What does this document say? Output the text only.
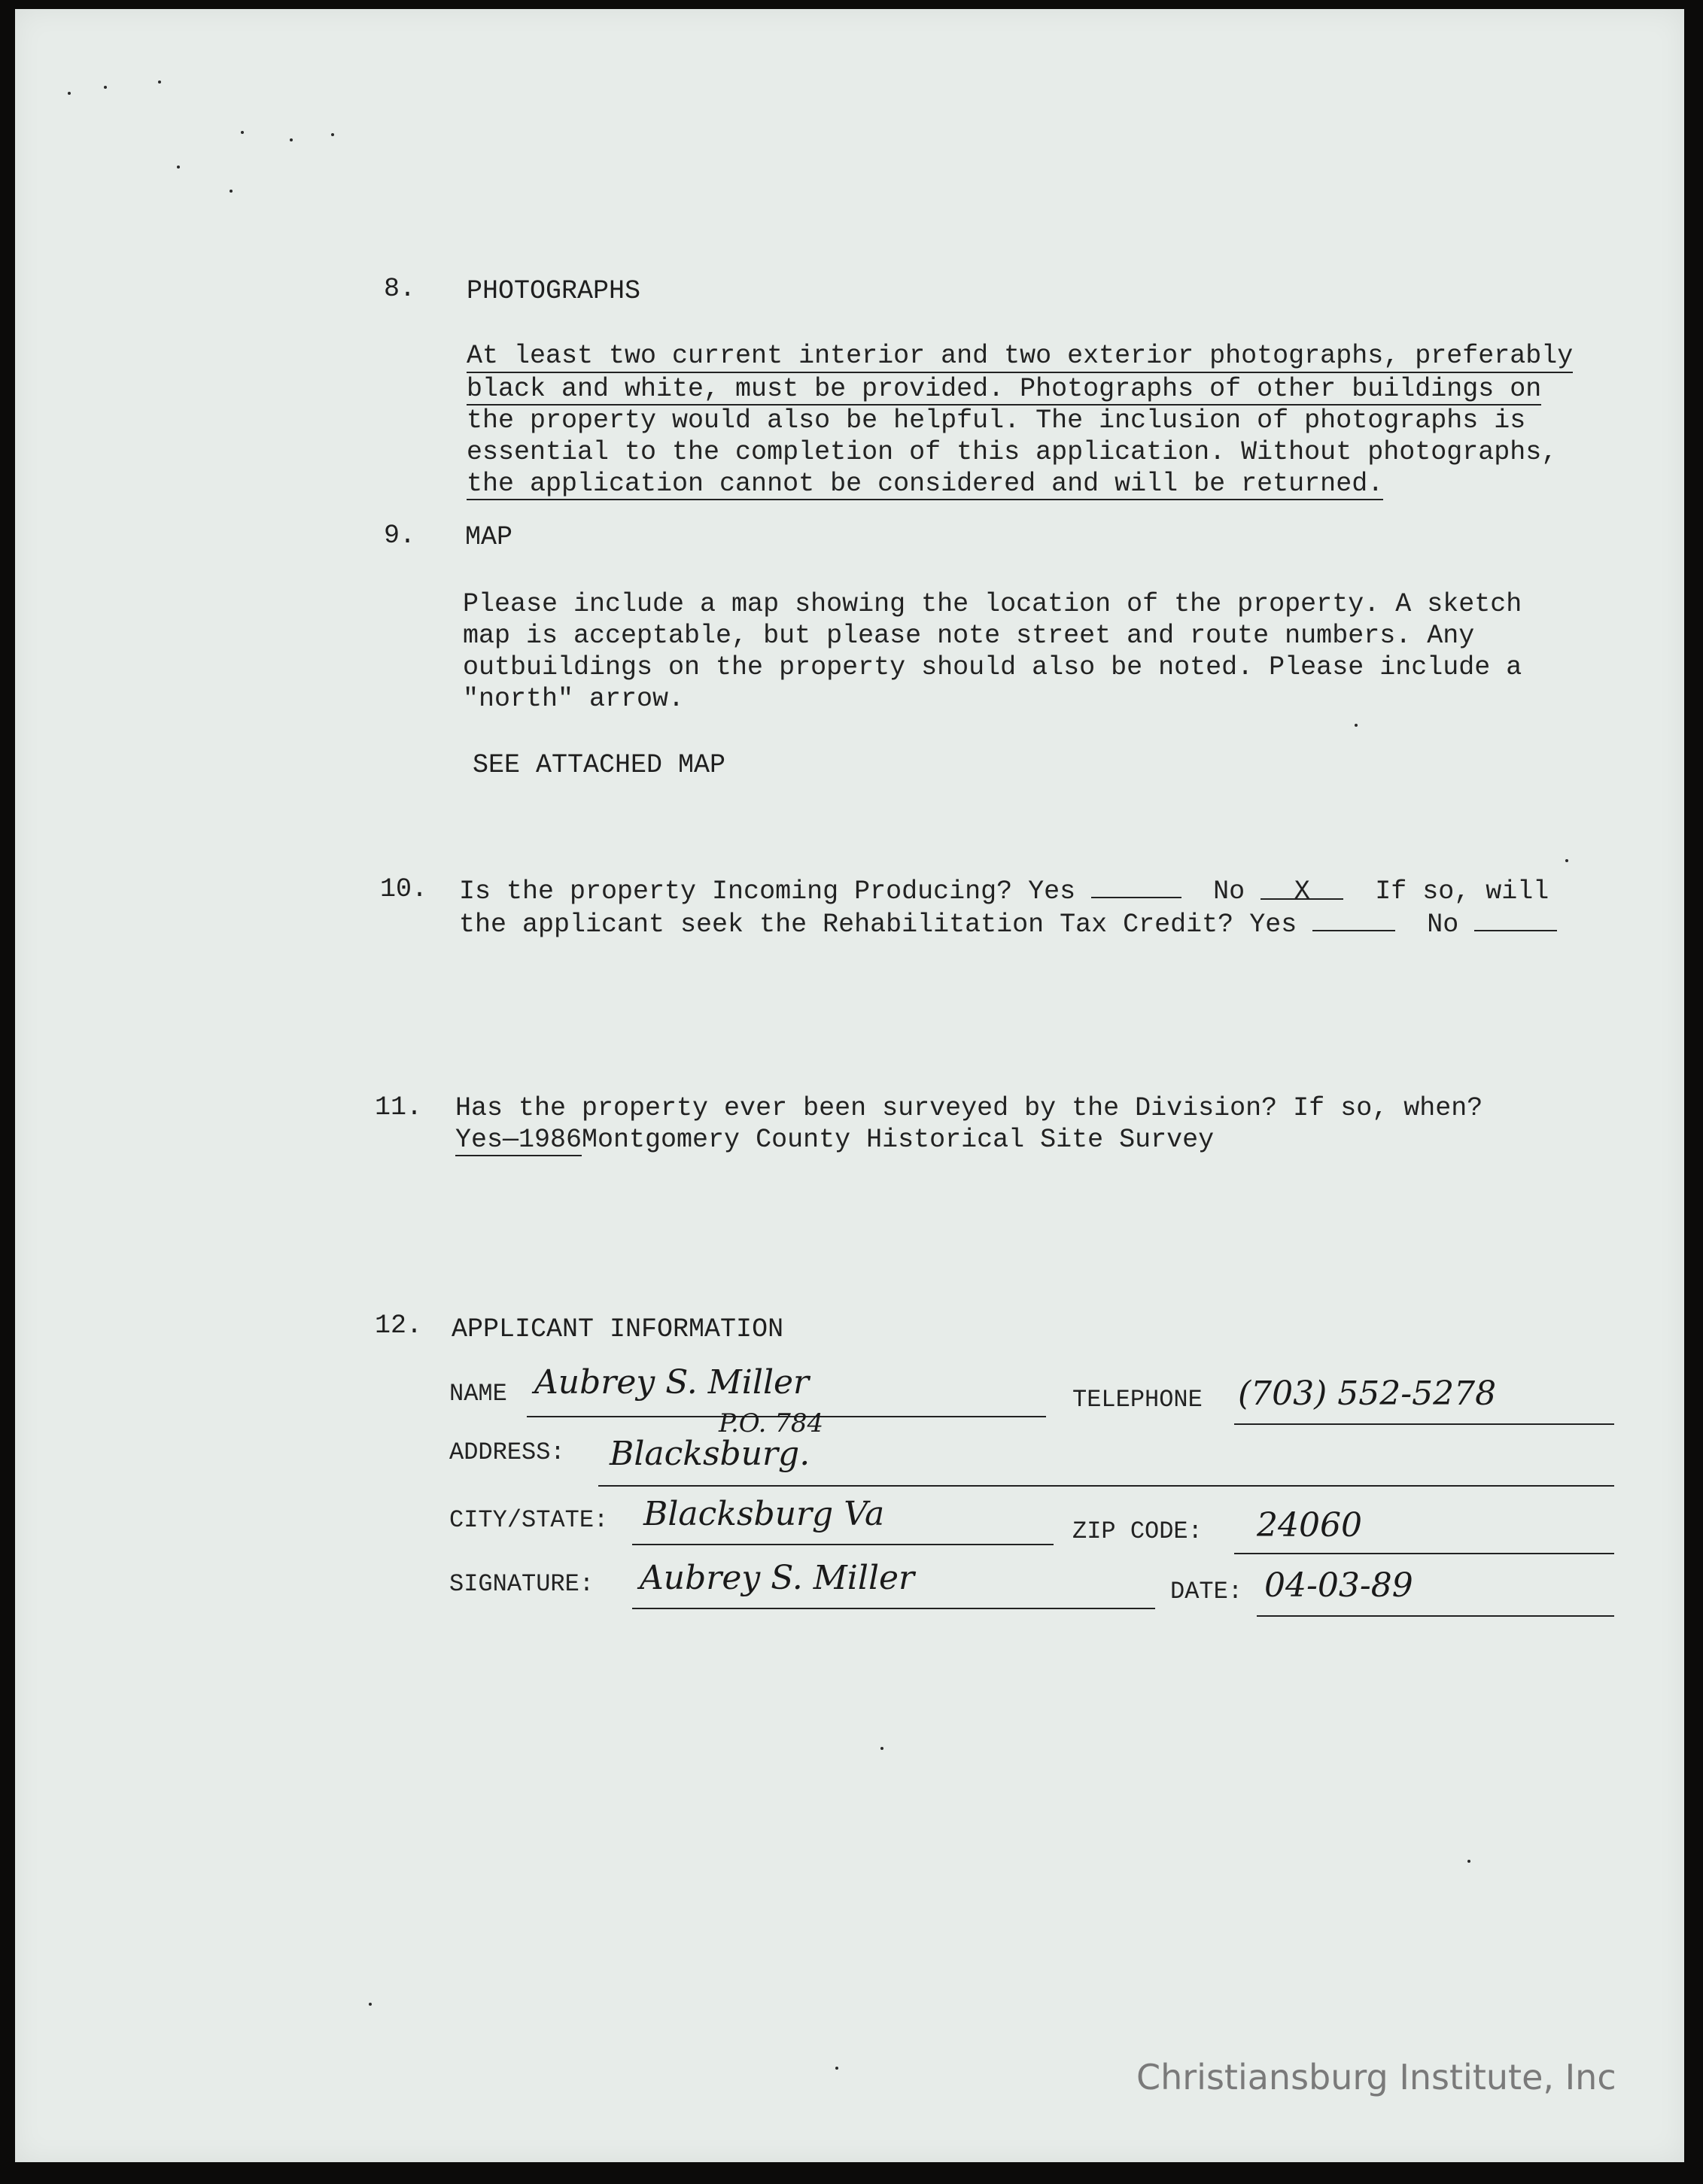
8. PHOTOGRAPHS
At least two current interior and two exterior photographs, preferably
black and white, must be provided. Photographs of other buildings on
the property would also be helpful. The inclusion of photographs is
essential to the completion of this application. Without photographs,
the application cannot be considered and will be returned.
9. MAP
Please include a map showing the location of the property. A sketch
map is acceptable, but please note street and route numbers. Any
outbuildings on the property should also be noted. Please include a
"north" arrow.
SEE ATTACHED MAP
10. Is the property Incoming Producing? Yes	No X If so, will
the applicant seek the Rehabilitation Tax Credit? Yes	No
11. Has the property ever been surveyed by the Division? If so, when?
Yes—1986Montgomery County Historical Site Survey
12. APPLICANT INFORMATION
NAME Aubrey S. Miller	TELEPHONE (703) 552-5278
ADDRESS:
P.O. 784
Blacksburg.
CITY/STATE: Blacksburg Va	ZIP CODE: 24060
SIGNATURE: Aubrey S. Miller	DATE: 04-03-89
Christiansburg Institute, Inc
